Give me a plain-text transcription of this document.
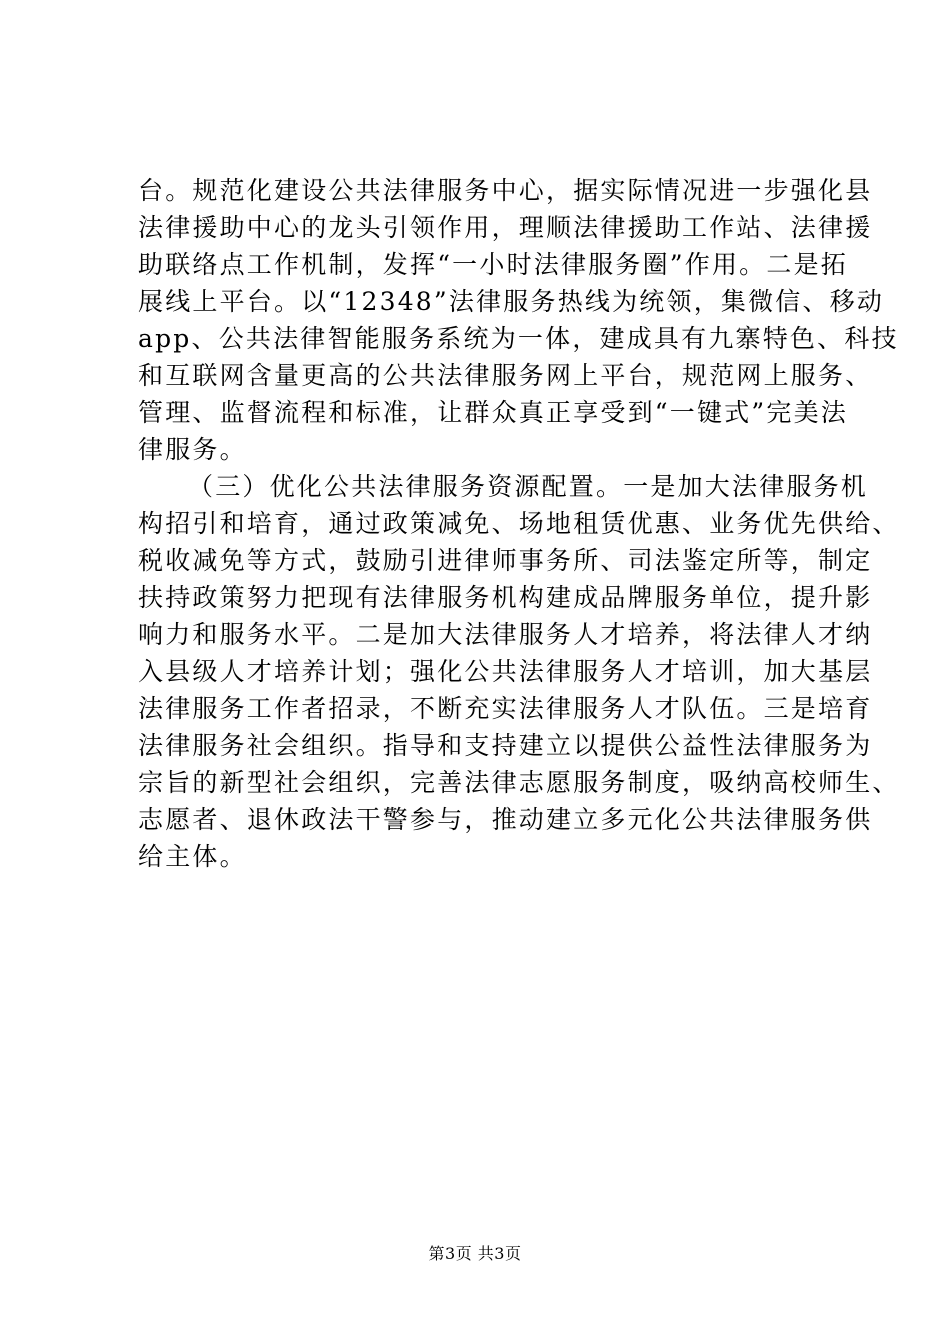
台。规范化建设公共法律服务中心，据实际情况进一步强化县
法律援助中心的龙头引领作用，理顺法律援助工作站、法律援
助联络点工作机制，发挥“一小时法律服务圈”作用。二是拓
展线上平台。以“12348”法律服务热线为统领，集微信、移动
app、公共法律智能服务系统为一体，建成具有九寨特色、科技
和互联网含量更高的公共法律服务网上平台，规范网上服务、
管理、监督流程和标准，让群众真正享受到“一键式”完美法
律服务。
（三）优化公共法律服务资源配置。一是加大法律服务机
构招引和培育，通过政策减免、场地租赁优惠、业务优先供给、
税收减免等方式，鼓励引进律师事务所、司法鉴定所等，制定
扶持政策努力把现有法律服务机构建成品牌服务单位，提升影
响力和服务水平。二是加大法律服务人才培养，将法律人才纳
入县级人才培养计划；强化公共法律服务人才培训，加大基层
法律服务工作者招录，不断充实法律服务人才队伍。三是培育
法律服务社会组织。指导和支持建立以提供公益性法律服务为
宗旨的新型社会组织，完善法律志愿服务制度，吸纳高校师生、
志愿者、退休政法干警参与，推动建立多元化公共法律服务供
给主体。
第3页 共3页
